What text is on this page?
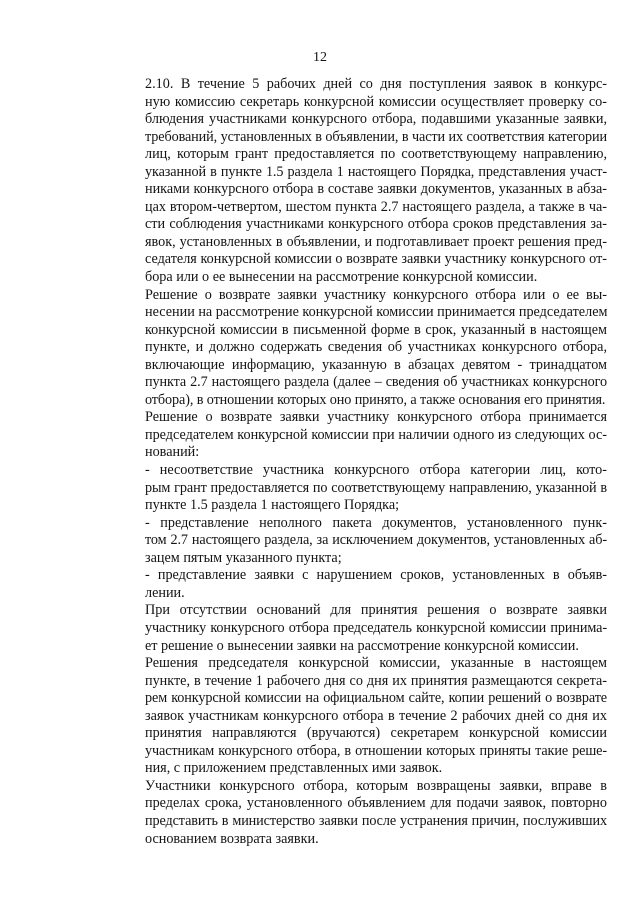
12
2.10. В течение 5 рабочих дней со дня поступления заявок в конкурс-
ную комиссию секретарь конкурсной комиссии осуществляет проверку со-
блюдения участниками конкурсного отбора, подавшими указанные заявки,
требований, установленных в объявлении, в части их соответствия категории
лиц, которым грант предоставляется по соответствующему направлению,
указанной в пункте 1.5 раздела 1 настоящего Порядка, представления участ-
никами конкурсного отбора в составе заявки документов, указанных в абза-
цах втором-четвертом, шестом пункта 2.7 настоящего раздела, а также в ча-
сти соблюдения участниками конкурсного отбора сроков представления за-
явок, установленных в объявлении, и подготавливает проект решения пред-
седателя конкурсной комиссии о возврате заявки участнику конкурсного от-
бора или о ее вынесении на рассмотрение конкурсной комиссии.
Решение о возврате заявки участнику конкурсного отбора или о ее вы-
несении на рассмотрение конкурсной комиссии принимается председателем
конкурсной комиссии в письменной форме в срок, указанный в настоящем
пункте, и должно содержать сведения об участниках конкурсного отбора,
включающие информацию, указанную в абзацах девятом - тринадцатом
пункта 2.7 настоящего раздела (далее – сведения об участниках конкурсного
отбора), в отношении которых оно принято, а также основания его принятия.
Решение о возврате заявки участнику конкурсного отбора принимается
председателем конкурсной комиссии при наличии одного из следующих ос-
нований:
- несоответствие участника конкурсного отбора категории лиц, кото-
рым грант предоставляется по соответствующему направлению, указанной в
пункте 1.5 раздела 1 настоящего Порядка;
- представление неполного пакета документов, установленного пунк-
том 2.7 настоящего раздела, за исключением документов, установленных аб-
зацем пятым указанного пункта;
- представление заявки с нарушением сроков, установленных в объяв-
лении.
При отсутствии оснований для принятия решения о возврате заявки
участнику конкурсного отбора председатель конкурсной комиссии принима-
ет решение о вынесении заявки на рассмотрение конкурсной комиссии.
Решения председателя конкурсной комиссии, указанные в настоящем
пункте, в течение 1 рабочего дня со дня их принятия размещаются секрета-
рем конкурсной комиссии на официальном сайте, копии решений о возврате
заявок участникам конкурсного отбора в течение 2 рабочих дней со дня их
принятия направляются (вручаются) секретарем конкурсной комиссии
участникам конкурсного отбора, в отношении которых приняты такие реше-
ния, с приложением представленных ими заявок.
Участники конкурсного отбора, которым возвращены заявки, вправе в
пределах срока, установленного объявлением для подачи заявок, повторно
представить в министерство заявки после устранения причин, послуживших
основанием возврата заявки.
